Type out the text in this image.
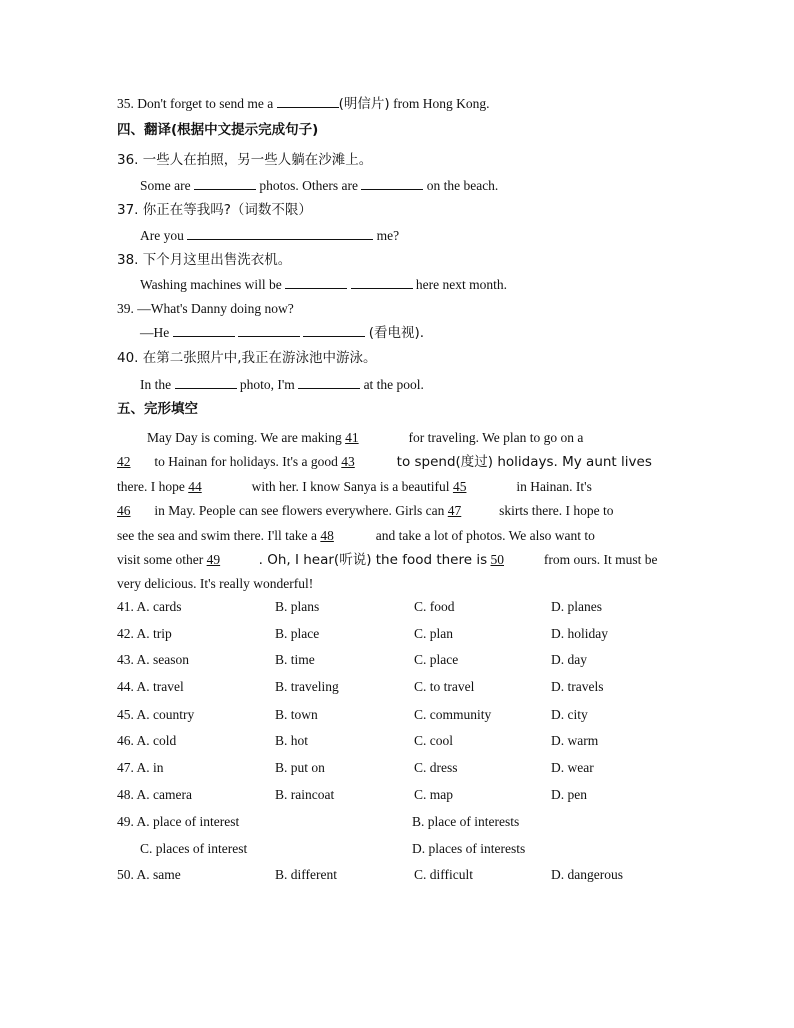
35. Don't forget to send me a	(明信片) from Hong Kong.
四、翻译(根据中文提示完成句子)
36. 一些人在拍照，另一些人躺在沙滩上。
Some are	photos. Others are	on the beach.
37. 你正在等我吗?（词数不限）
Are you	me?
38. 下个月这里出售洗衣机。
Washing machines will be	here next month.
39. —What's Danny doing now?
—He	(看电视).
40. 在第二张照片中,我正在游泳池中游泳。
In the	photo, I'm	at the pool.
五、完形填空
May Day is coming. We are making 41	for traveling. We plan to go on a
42 to Hainan for holidays. It's a good 43	to spend(度过) holidays. My aunt lives
there. I hope 44	with her. I know Sanya is a beautiful 45	in Hainan. It's
46 in May. People can see flowers everywhere. Girls can 47	skirts there. I hope to
see the sea and swim there. I'll take a 48	and take a lot of photos. We also want to
visit some other 49	. Oh, I hear(听说) the food there is 50	from ours. It must be
very delicious. It's really wonderful!
41. A. cards	B. plans	C. food	D. planes
42. A. trip	B. place	C. plan	D. holiday
43. A. season	B. time	C. place	D. day
44. A. travel	B. traveling	C. to travel	D. travels
45. A. country	B. town	C. community	D. city
46. A. cold	B. hot	C. cool	D. warm
47. A. in	B. put on	C. dress	D. wear
48. A. camera	B. raincoat	C. map	D. pen
49. A. place of interest	B. place of interests
C. places of interest	D. places of interests
50. A. same	B. different	C. difficult	D. dangerous
